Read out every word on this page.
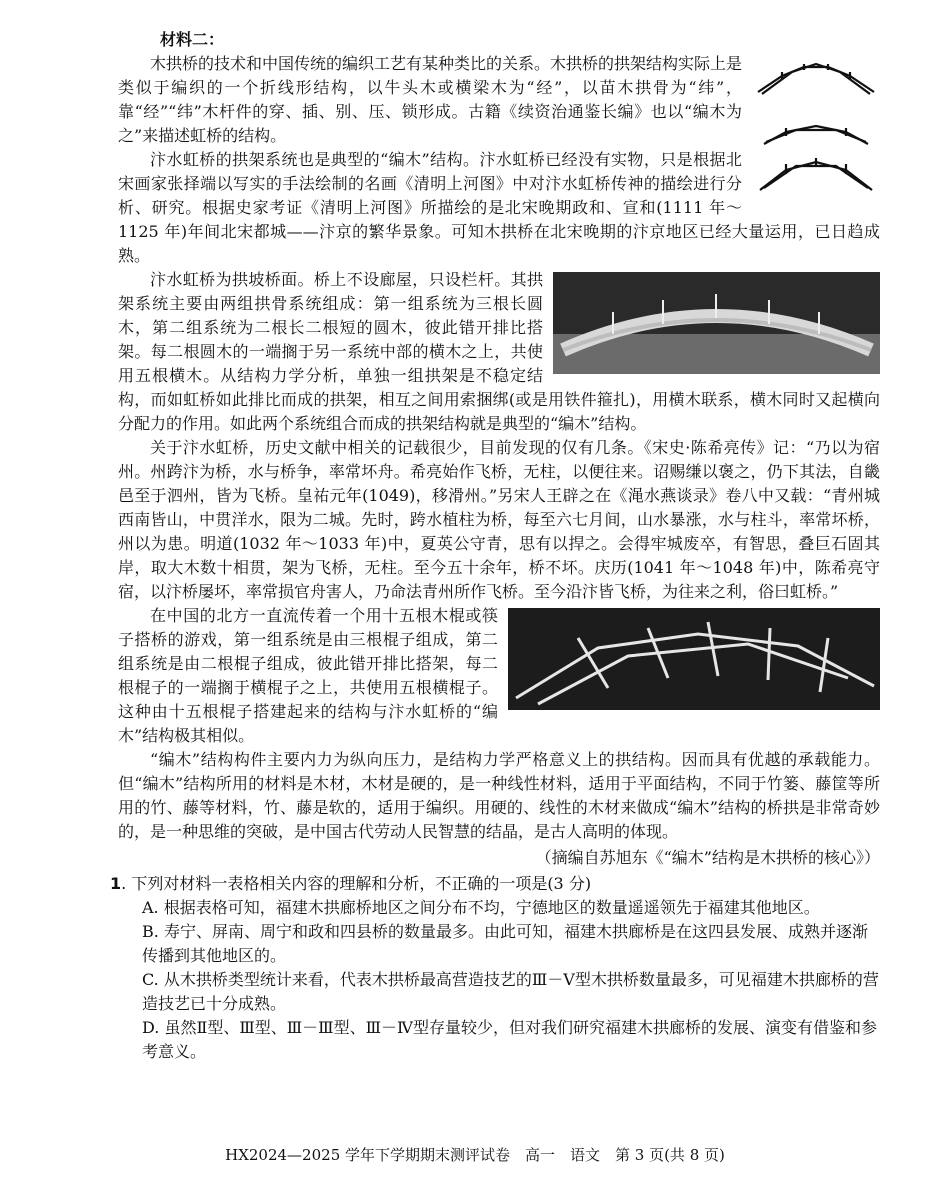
材料二：

木拱桥的技术和中国传统的编织工艺有某种类比的关系。木拱桥的拱架结构实际上是类似于编织的一个折线形结构，以牛头木或横梁木为“经”，以苗木拱骨为“纬”，靠“经”“纬”木杆件的穿、插、别、压、锁形成。古籍《续资治通鉴长编》也以“编木为之”来描述虹桥的结构。

汴水虹桥的拱架系统也是典型的“编木”结构。汴水虹桥已经没有实物，只是根据北宋画家张择端以写实的手法绘制的名画《清明上河图》中对汴水虹桥传神的描绘进行分析、研究。根据史家考证《清明上河图》所描绘的是北宋晚期政和、宣和(1111 年～1125 年)年间北宋都城——汴京的繁华景象。可知木拱桥在北宋晚期的汴京地区已经大量运用，已日趋成熟。

汴水虹桥为拱坡桥面。桥上不设廊屋，只设栏杆。其拱架系统主要由两组拱骨系统组成：第一组系统为三根长圆木，第二组系统为二根长二根短的圆木，彼此错开排比搭架。每二根圆木的一端搁于另一系统中部的横木之上，共使用五根横木。从结构力学分析，单独一组拱架是不稳定结构，而如虹桥如此排比而成的拱架，相互之间用索捆绑(或是用铁件箍扎)，用横木联系，横木同时又起横向分配力的作用。如此两个系统组合而成的拱架结构就是典型的“编木”结构。

关于汴水虹桥，历史文献中相关的记载很少，目前发现的仅有几条。《宋史·陈希亮传》记：“乃以为宿州。州跨汴为桥，水与桥争，率常坏舟。希亮始作飞桥，无柱，以便往来。诏赐缣以褒之，仍下其法，自畿邑至于泗州，皆为飞桥。皇祐元年(1049)，移滑州。”另宋人王辟之在《渑水燕谈录》卷八中又载：“青州城西南皆山，中贯洋水，限为二城。先时，跨水植柱为桥，每至六七月间，山水暴涨，水与柱斗，率常坏桥，州以为患。明道(1032 年～1033 年)中，夏英公守青，思有以捍之。会得牢城废卒，有智思，叠巨石固其岸，取大木数十相贯，架为飞桥，无柱。至今五十余年，桥不坏。庆历(1041 年～1048 年)中，陈希亮守宿，以汴桥屡坏，率常损官舟害人，乃命法青州所作飞桥。至今沿汴皆飞桥，为往来之利，俗曰虹桥。”

在中国的北方一直流传着一个用十五根木棍或筷子搭桥的游戏，第一组系统是由三根棍子组成，第二组系统是由二根棍子组成，彼此错开排比搭架，每二根棍子的一端搁于横棍子之上，共使用五根横棍子。这种由十五根棍子搭建起来的结构与汴水虹桥的“编木”结构极其相似。

“编木”结构构件主要内力为纵向压力，是结构力学严格意义上的拱结构。因而具有优越的承载能力。但“编木”结构所用的材料是木材，木材是硬的，是一种线性材料，适用于平面结构，不同于竹篓、藤筐等所用的竹、藤等材料，竹、藤是软的，适用于编织。用硬的、线性的木材来做成“编木”结构的桥拱是非常奇妙的，是一种思维的突破，是中国古代劳动人民智慧的结晶，是古人高明的体现。

（摘编自苏旭东《“编木”结构是木拱桥的核心》）
1. 下列对材料一表格相关内容的理解和分析，不正确的一项是(3 分)
A. 根据表格可知，福建木拱廊桥地区之间分布不均，宁德地区的数量遥遥领先于福建其他地区。
B. 寿宁、屏南、周宁和政和四县桥的数量最多。由此可知，福建木拱廊桥是在这四县发展、成熟并逐渐传播到其他地区的。
C. 从木拱桥类型统计来看，代表木拱桥最高营造技艺的Ⅲ－Ⅴ型木拱桥数量最多，可见福建木拱廊桥的营造技艺已十分成熟。
D. 虽然Ⅱ型、Ⅲ型、Ⅲ－Ⅲ型、Ⅲ－Ⅳ型存量较少，但对我们研究福建木拱廊桥的发展、演变有借鉴和参考意义。
HX2024—2025 学年下学期期末测评试卷　高一　语文　第 3 页(共 8 页)
